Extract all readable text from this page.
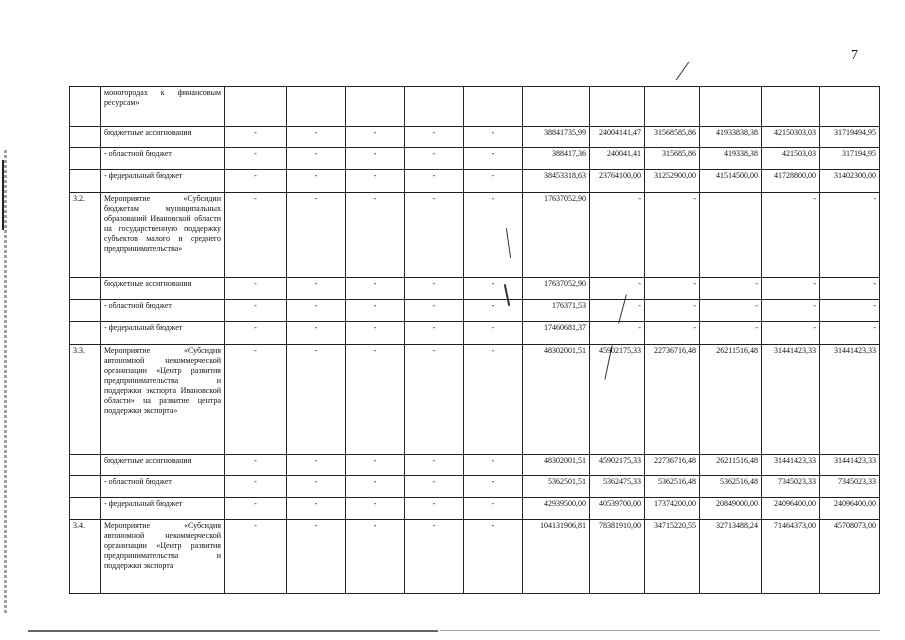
7
	моногородах к финансовым ресурсам»											
	бюджетные ассигнования	-	-	-	-	-	38841735,99	24004141,47	31568585,86	41933838,38	42150303,03	31719494,95
	- областной бюджет	-	-	-	-	-	388417,36	240041,41	315685,86	419338,38	421503,03	317194,95
	- федеральный бюджет	-	-	-	-	-	38453318,63	23764100,00	31252900,00	41514500,00	41728800,00	31402300,00
3.2.	Мероприятие «Субсидии бюджетам муниципальных образований Ивановской области на государственную поддержку субъектов малого и среднего предпринимательства»	-	-	-	-	-	17637052,90	-	-		-	-
	бюджетные ассигнования	-	-	-	-	-	17637052,90	-	-	-	-	-
	- областной бюджет	-	-	-	-	-	176371,53	-	-	-	-	-
	- федеральный бюджет	-	-	-	-	-	17460681,37	-	-	-	-	-
3.3.	Мероприятие «Субсидия автономной некоммерческой организации «Центр развития предпринимательства и поддержки экспорта Ивановской области» на развитие центра поддержки экспорта»	-	-	-	-	-	48302001,51	45902175,33	22736716,48	26211516,48	31441423,33	31441423,33
	бюджетные ассигнования	-	-	-	-	-	48302001,51	45902175,33	22736716,48	26211516,48	31441423,33	31441423,33
	- областной бюджет	-	-	-	-	-	5362501,51	5362475,33	5362516,48	5362516,48	7345023,33	7345023,33
	- федеральный бюджет	-	-	-	-	-	42939500,00	40539700,00	17374200,00	20849000,00	24096400,00	24096400,00
3.4.	Мероприятие «Субсидия автономной некоммерческой организации «Центр развития предпринимательства и поддержки экспорта	-	-	-	-	-	104131906,81	78381910,00	34715220,55	32713488,24	71464373,00	45708073,00
